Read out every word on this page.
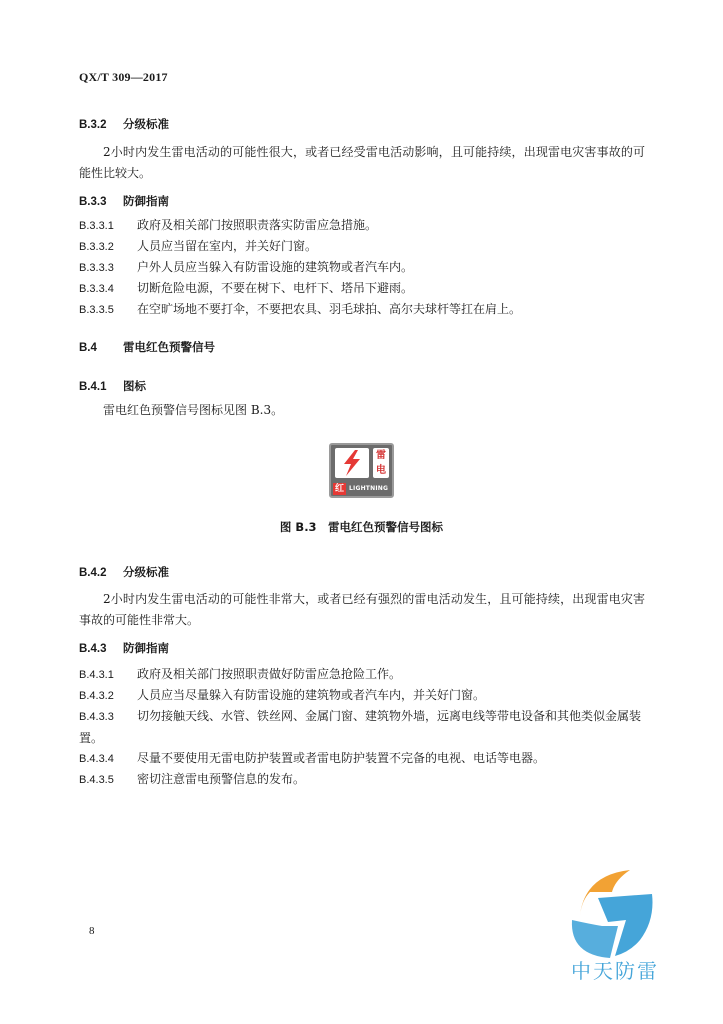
QX/T 309—2017
B.3.2 分级标准
2小时内发生雷电活动的可能性很大，或者已经受雷电活动影响，且可能持续，出现雷电灾害事故的可能性比较大。
B.3.3 防御指南
B.3.3.1 政府及相关部门按照职责落实防雷应急措施。
B.3.3.2 人员应当留在室内，并关好门窗。
B.3.3.3 户外人员应当躲入有防雷设施的建筑物或者汽车内。
B.3.3.4 切断危险电源，不要在树下、电杆下、塔吊下避雨。
B.3.3.5 在空旷场地不要打伞，不要把农具、羽毛球拍、高尔夫球杆等扛在肩上。
B.4 雷电红色预警信号
B.4.1 图标
雷电红色预警信号图标见图 B.3。
雷
电
红 LIGHTNING
图 B.3　雷电红色预警信号图标
B.4.2 分级标准
2小时内发生雷电活动的可能性非常大，或者已经有强烈的雷电活动发生，且可能持续，出现雷电灾害事故的可能性非常大。
B.4.3 防御指南
B.4.3.1 政府及相关部门按照职责做好防雷应急抢险工作。
B.4.3.2 人员应当尽量躲入有防雷设施的建筑物或者汽车内，并关好门窗。
B.4.3.3 切勿接触天线、水管、铁丝网、金属门窗、建筑物外墙，远离电线等带电设备和其他类似金属装置。
B.4.3.4 尽量不要使用无雷电防护装置或者雷电防护装置不完备的电视、电话等电器。
B.4.3.5 密切注意雷电预警信息的发布。
8
中天防雷
